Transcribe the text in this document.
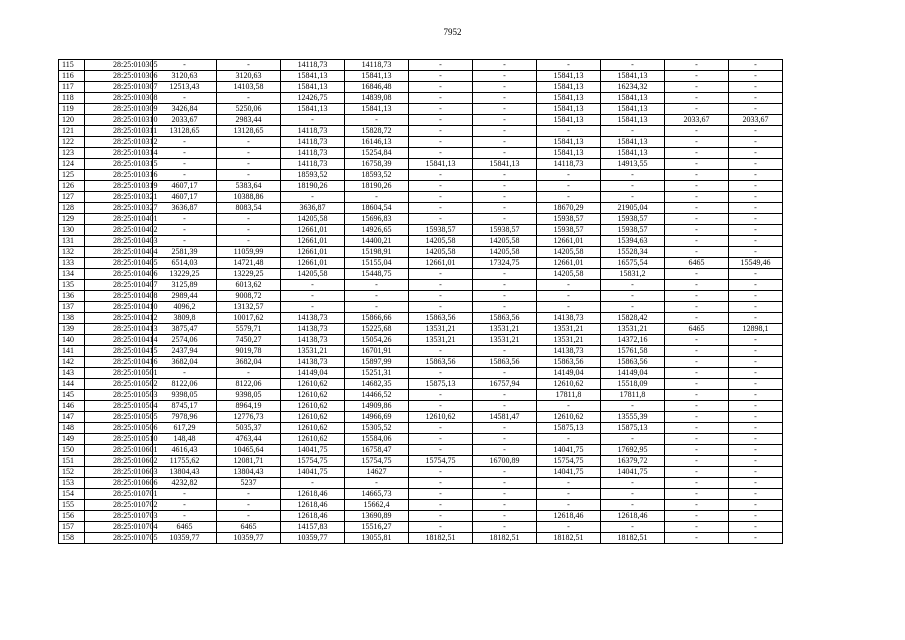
7952
115	28:25:010305	-	-	14118,73	14118,73	-	-	-	-	-	-
116	28:25:010306	3120,63	3120,63	15841,13	15841,13	-	-	15841,13	15841,13	-	-
117	28:25:010307	12513,43	14103,58	15841,13	16846,48	-	-	15841,13	16234,32	-	-
118	28:25:010308	-	-	12426,75	14839,08	-	-	15841,13	15841,13	-	-
119	28:25:010309	3426,84	5250,06	15841,13	15841,13	-	-	15841,13	15841,13	-	-
120	28:25:010310	2033,67	2983,44	-	-	-	-	15841,13	15841,13	2033,67	2033,67
121	28:25:010311	13128,65	13128,65	14118,73	15828,72	-	-	-	-	-	-
122	28:25:010312	-	-	14118,73	16146,13	-	-	15841,13	15841,13	-	-
123	28:25:010314	-	-	14118,73	15254,84	-	-	15841,13	15841,13	-	-
124	28:25:010315	-	-	14118,73	16758,39	15841,13	15841,13	14118,73	14913,55	-	-
125	28:25:010316	-	-	18593,52	18593,52	-	-	-	-	-	-
126	28:25:010319	4607,17	5383,64	18190,26	18190,26	-	-	-	-	-	-
127	28:25:010321	4607,17	10388,86	-	-	-	-	-	-	-	-
128	28:25:010327	3636,87	8083,54	3636,87	18604,54	-	-	18670,29	21905,04	-	-
129	28:25:010401	-	-	14205,58	15696,83	-	-	15938,57	15938,57	-	-
130	28:25:010402	-	-	12661,01	14926,65	15938,57	15938,57	15938,57	15938,57	-	-
131	28:25:010403	-	-	12661,01	14400,21	14205,58	14205,58	12661,01	15394,63	-	-
132	28:25:010404	2581,39	11059,99	12661,01	15198,91	14205,58	14205,58	14205,58	15528,34	-	-
133	28:25:010405	6514,03	14721,48	12661,01	15155,04	12661,01	17324,75	12661,01	16575,54	6465	15549,46
134	28:25:010406	13229,25	13229,25	14205,58	15448,75	-	-	14205,58	15831,2	-	-
135	28:25:010407	3125,89	6013,62	-	-	-	-	-	-	-	-
136	28:25:010408	2989,44	9008,72	-	-	-	-	-	-	-	-
137	28:25:010410	4096,2	13132,57	-	-	-	-	-	-	-	-
138	28:25:010412	3809,8	10017,62	14138,73	15866,66	15863,56	15863,56	14138,73	15828,42	-	-
139	28:25:010413	3875,47	5579,71	14138,73	15225,68	13531,21	13531,21	13531,21	13531,21	6465	12898,1
140	28:25:010414	2574,06	7450,27	14138,73	15054,26	13531,21	13531,21	13531,21	14372,16	-	-
141	28:25:010415	2437,94	9019,78	13531,21	16701,91	-	-	14138,73	15761,58	-	-
142	28:25:010416	3682,04	3682,04	14138,73	15897,99	15863,56	15863,56	15863,56	15863,56	-	-
143	28:25:010501	-	-	14149,04	15251,31	-	-	14149,04	14149,04	-	-
144	28:25:010502	8122,06	8122,06	12610,62	14682,35	15875,13	16757,94	12610,62	15518,09	-	-
145	28:25:010503	9398,05	9398,05	12610,62	14466,52	-	-	17811,8	17811,8	-	-
146	28:25:010504	8745,17	8964,19	12610,62	14909,86	-	-	-	-	-	-
147	28:25:010505	7978,96	12776,73	12610,62	14966,69	12610,62	14581,47	12610,62	13555,39	-	-
148	28:25:010506	617,29	5035,37	12610,62	15305,52	-	-	15875,13	15875,13	-	-
149	28:25:010510	148,48	4763,44	12610,62	15584,06	-	-	-	-	-	-
150	28:25:010601	4616,43	10465,64	14041,75	16758,47	-	-	14041,75	17692,95	-	-
151	28:25:010602	11755,62	12081,71	15754,75	15754,75	15754,75	16700,89	15754,75	16379,72	-	-
152	28:25:010603	13804,43	13804,43	14041,75	14627	-	-	14041,75	14041,75	-	-
153	28:25:010606	4232,82	5237	-	-	-	-	-	-	-	-
154	28:25:010701	-	-	12618,46	14665,73	-	-	-	-	-	-
155	28:25:010702	-	-	12618,46	15662,4	-	-	-	-	-	-
156	28:25:010703	-	-	12618,46	13690,89	-	-	12618,46	12618,46	-	-
157	28:25:010704	6465	6465	14157,83	15516,27	-	-	-	-	-	-
158	28:25:010705	10359,77	10359,77	10359,77	13055,81	18182,51	18182,51	18182,51	18182,51	-	-
